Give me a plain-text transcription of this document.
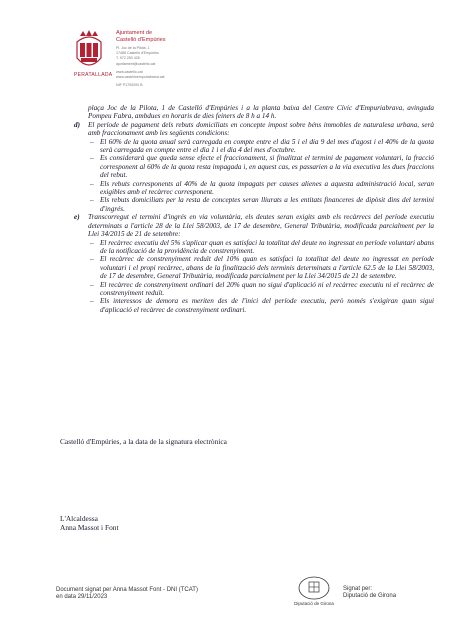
PERATALLADA
Ajuntament de
Castelló d'Empúries
Pl. Joc de la Pilota, 1
17486 Castelló d'Empúries
T. 972 250 426
ajuntament@castello.cat
www.castello.cat
www.castelloempuriabrava.cat
NIF P1705200 B

plaça Joc de la Pilota, 1 de Castelló d'Empúries i a la planta baixa del Centre Cívic d'Empuriabrava, avinguda Pompeu Fabra, ambdues en horaris de dies feiners de 8 h a 14 h.

d) El període de pagament dels rebuts domiciliats en concepte impost sobre béns immobles de naturalesa urbana, serà amb fraccionament amb les següents condicions:
– El 60% de la quota anual serà carregada en compte entre el dia 5 i el dia 9 del mes d'agost i el 40% de la quota serà carregada en compte entre el dia 1 i el dia 4 del mes d'octubre.
– Es considerarà que queda sense efecte el fraccionament, si finalitzat el termini de pagament voluntari, la fracció corresponent al 60% de la quota resta impagada i, en aquest cas, es passarien a la via executiva les dues fraccions del rebut.
– Els rebuts corresponents al 40% de la quota impagats per causes alienes a aquesta administració local, seran exigibles amb el recàrrec corresponent.
– Els rebuts domiciliats per la resta de conceptes seran lliurats a les entitats financeres de dipòsit dins del termini d'ingrés.
e) Transcorregut el termini d'ingrés en via voluntària, els deutes seran exigits amb els recàrrecs del període executiu determinats a l'article 28 de la Llei 58/2003, de 17 de desembre, General Tributària, modificada parcialment per la Llei 34/2015 de 21 de setembre:
– El recàrrec executiu del 5% s'aplicar quan es satisfaci la totalitat del deute no ingressat en període voluntari abans de la notificació de la providència de constrenyiment.
– El recàrrec de constrenyiment reduït del 10% quan es satisfaci la totalitat del deute no ingressat en període voluntari i el propi recàrrec, abans de la finalització dels terminis determinats a l'article 62.5 de la Llei 58/2003, de 17 de desembre, General Tributària, modificada parcialment per la Llei 34/2015 de 21 de setembre.
– El recàrrec de constrenyiment ordinari del 20% quan no sigui d'aplicació ni el recàrrec executiu ni el recàrrec de constrenyiment reduït.
– Els interessos de demora es meriten des de l'inici del període executiu, però només s'exigiran quan sigui d'aplicació el recàrrec de constrenyiment ordinari.
Castelló d'Empúries, a la data de la signatura electrònica
L'Alcaldessa
Anna Massot i Font
Document signat per Anna Massot Font - DNI (TCAT)
en data 29/11/2023
Diputació de Girona
Signat per:
Diputació de Girona
